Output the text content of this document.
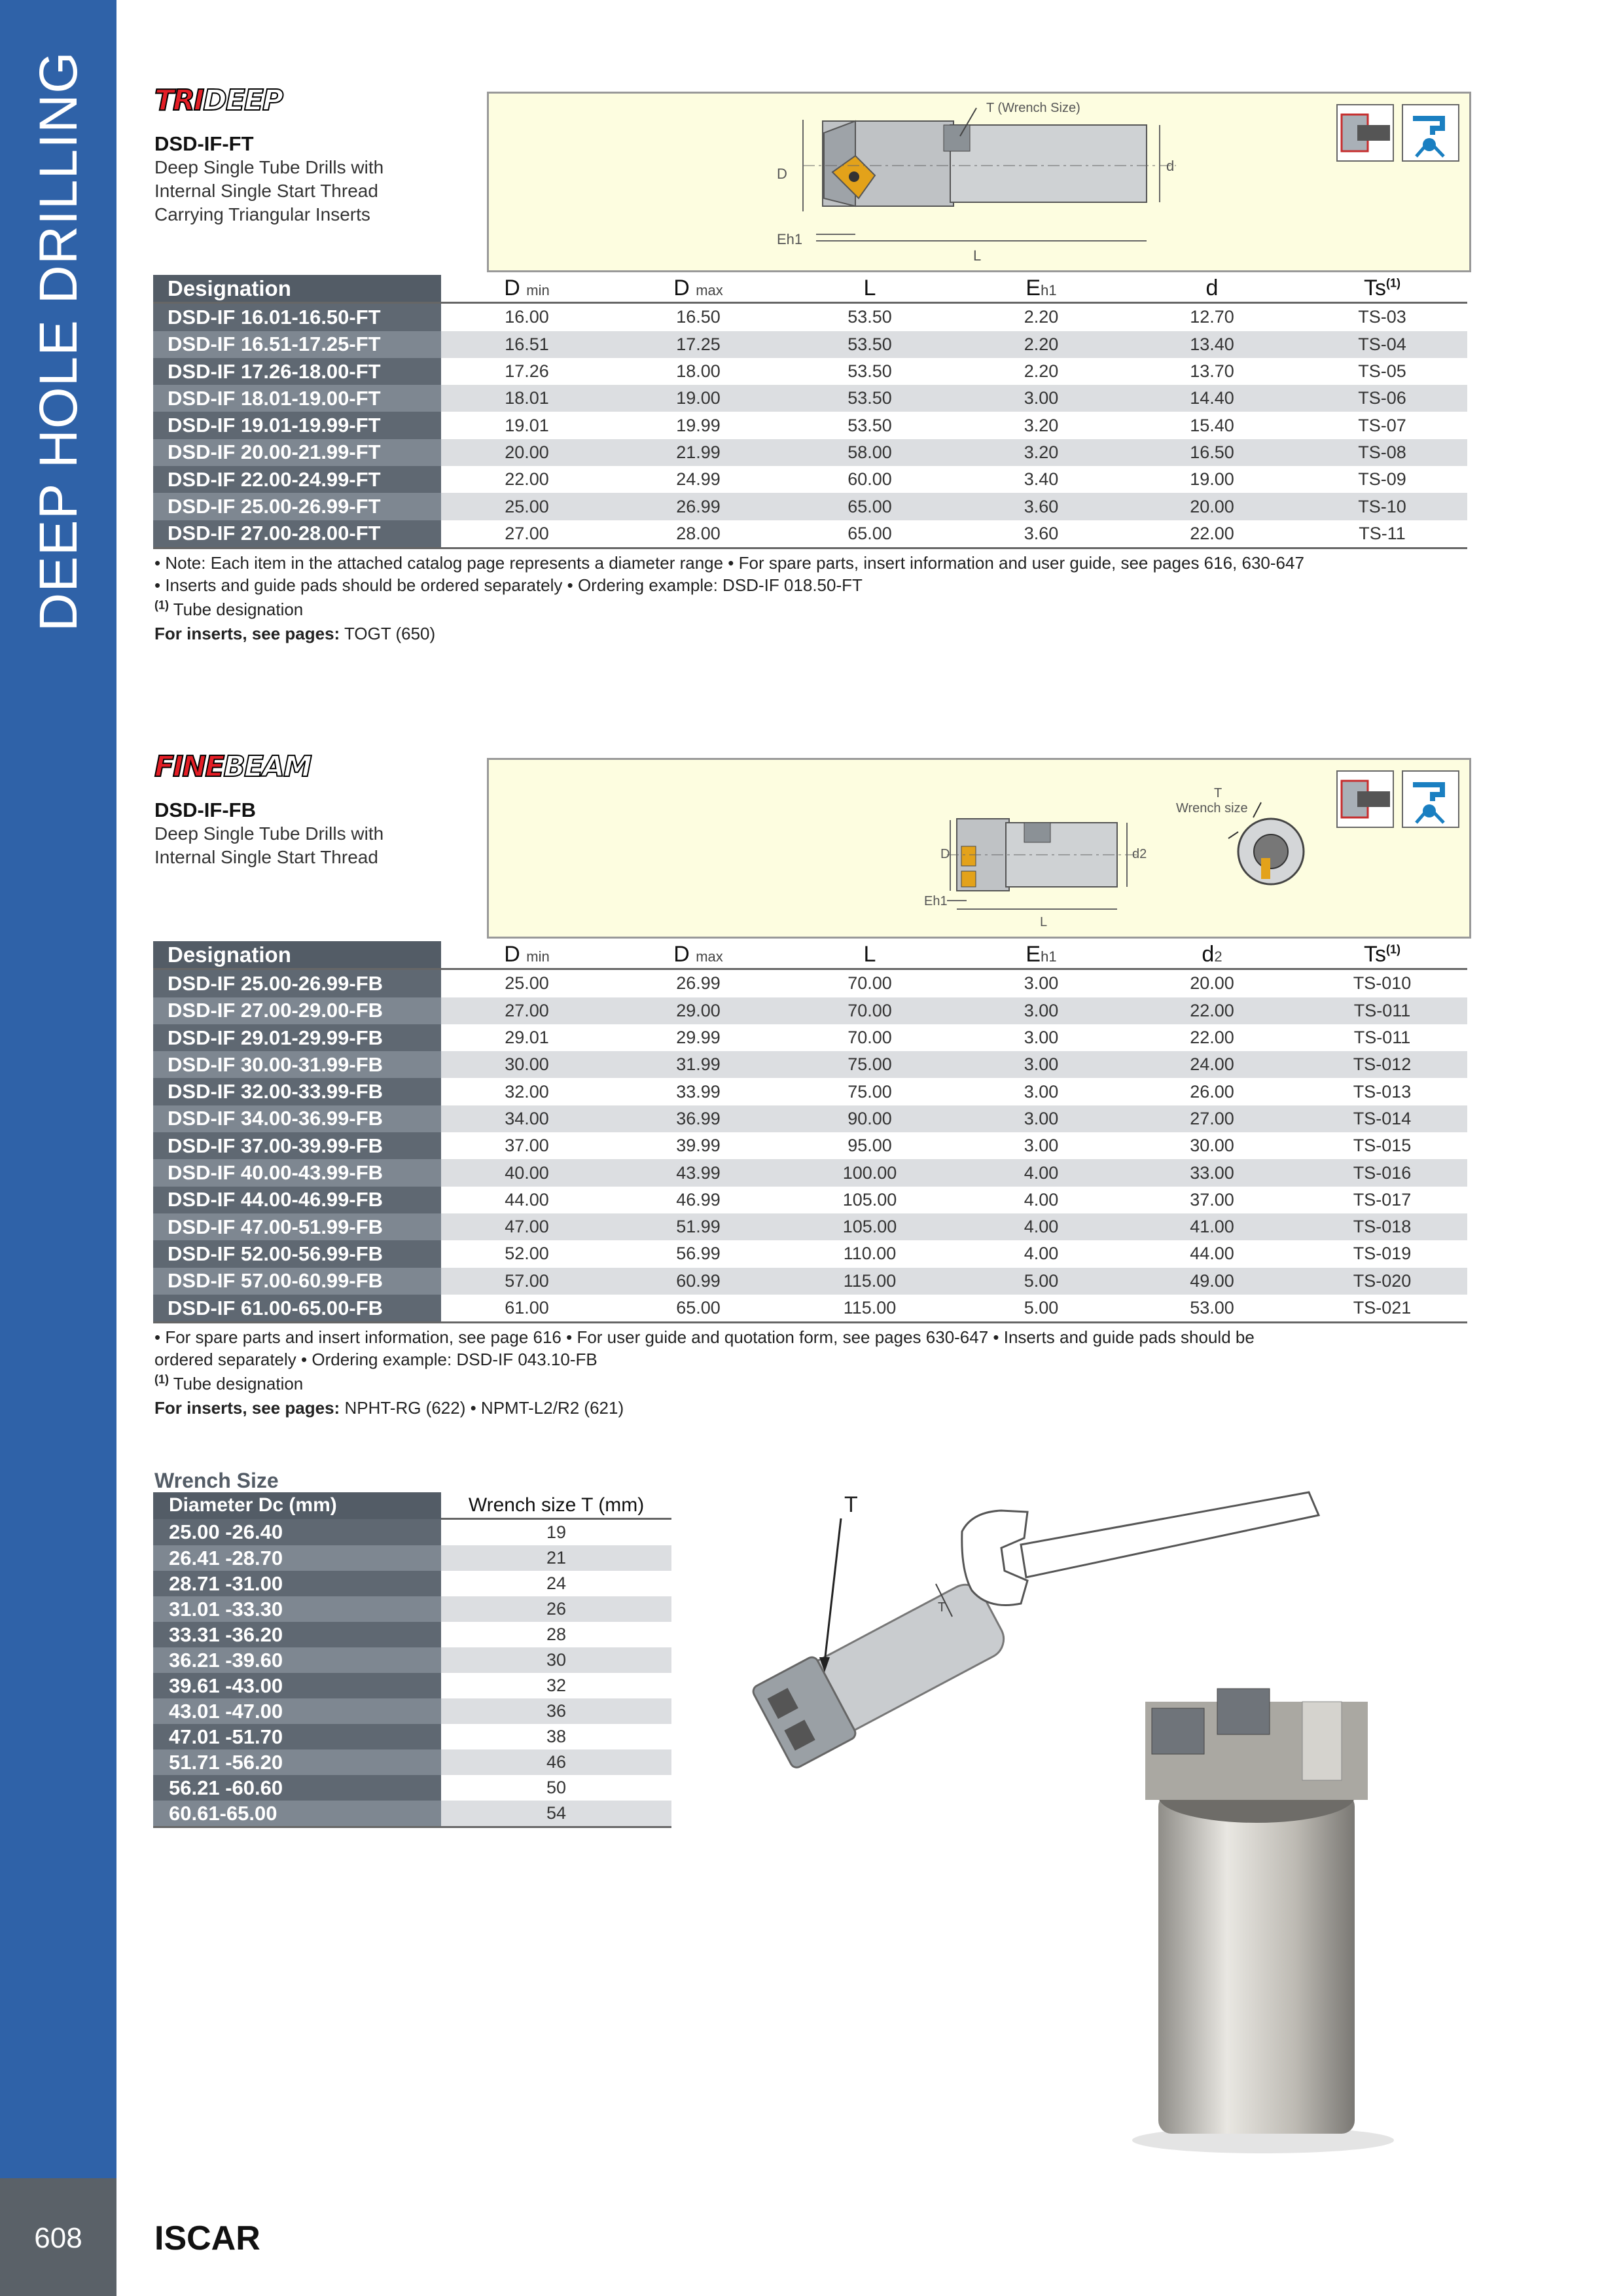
DEEP HOLE DRILLING
608	ISCAR
TRIDEEP
DSD-IF-FT
Deep Single Tube Drills with
Internal Single Start Thread
Carrying Triangular Inserts
T (Wrench Size)
D	d
Eh1
L
Designation	D min	D max	L	Eh1	d	Ts$^{(1)}$
DSD-IF 16.01-16.50-FT	16.00	16.50	53.50	2.20	12.70	TS-03
DSD-IF 16.51-17.25-FT	16.51	17.25	53.50	2.20	13.40	TS-04
DSD-IF 17.26-18.00-FT	17.26	18.00	53.50	2.20	13.70	TS-05
DSD-IF 18.01-19.00-FT	18.01	19.00	53.50	3.00	14.40	TS-06
DSD-IF 19.01-19.99-FT	19.01	19.99	53.50	3.20	15.40	TS-07
DSD-IF 20.00-21.99-FT	20.00	21.99	58.00	3.20	16.50	TS-08
DSD-IF 22.00-24.99-FT	22.00	24.99	60.00	3.40	19.00	TS-09
DSD-IF 25.00-26.99-FT	25.00	26.99	65.00	3.60	20.00	TS-10
DSD-IF 27.00-28.00-FT	27.00	28.00	65.00	3.60	22.00	TS-11
• Note: Each item in the attached catalog page represents a diameter range • For spare parts, insert information and user guide, see pages 616, 630-647
• Inserts and guide pads should be ordered separately • Ordering example: DSD-IF 018.50-FT
$^{(1)}$ Tube designation
For inserts, see pages: TOGT (650)
FINEBEAM
DSD-IF-FB
Deep Single Tube Drills with
Internal Single Start Thread
T
Wrench size
D	d2
Eh1
L
Designation	D min	D max	L	Eh1	d2	Ts$^{(1)}$
DSD-IF 25.00-26.99-FB	25.00	26.99	70.00	3.00	20.00	TS-010
DSD-IF 27.00-29.00-FB	27.00	29.00	70.00	3.00	22.00	TS-011
DSD-IF 29.01-29.99-FB	29.01	29.99	70.00	3.00	22.00	TS-011
DSD-IF 30.00-31.99-FB	30.00	31.99	75.00	3.00	24.00	TS-012
DSD-IF 32.00-33.99-FB	32.00	33.99	75.00	3.00	26.00	TS-013
DSD-IF 34.00-36.99-FB	34.00	36.99	90.00	3.00	27.00	TS-014
DSD-IF 37.00-39.99-FB	37.00	39.99	95.00	3.00	30.00	TS-015
DSD-IF 40.00-43.99-FB	40.00	43.99	100.00	4.00	33.00	TS-016
DSD-IF 44.00-46.99-FB	44.00	46.99	105.00	4.00	37.00	TS-017
DSD-IF 47.00-51.99-FB	47.00	51.99	105.00	4.00	41.00	TS-018
DSD-IF 52.00-56.99-FB	52.00	56.99	110.00	4.00	44.00	TS-019
DSD-IF 57.00-60.99-FB	57.00	60.99	115.00	5.00	49.00	TS-020
DSD-IF 61.00-65.00-FB	61.00	65.00	115.00	5.00	53.00	TS-021
• For spare parts and insert information, see page 616 • For user guide and quotation form, see pages 630-647 • Inserts and guide pads should be
ordered separately • Ordering example: DSD-IF 043.10-FB
$^{(1)}$ Tube designation
For inserts, see pages: NPHT-RG (622) • NPMT-L2/R2 (621)
Wrench Size
Diameter Dc (mm)	Wrench size T (mm)
25.00 -26.40	19
26.41 -28.70	21
28.71 -31.00	24
31.01 -33.30	26
33.31 -36.20	28
36.21 -39.60	30
39.61 -43.00	32
43.01 -47.00	36
47.01 -51.70	38
51.71 -56.20	46
56.21 -60.60	50
60.61-65.00	54
T
T
